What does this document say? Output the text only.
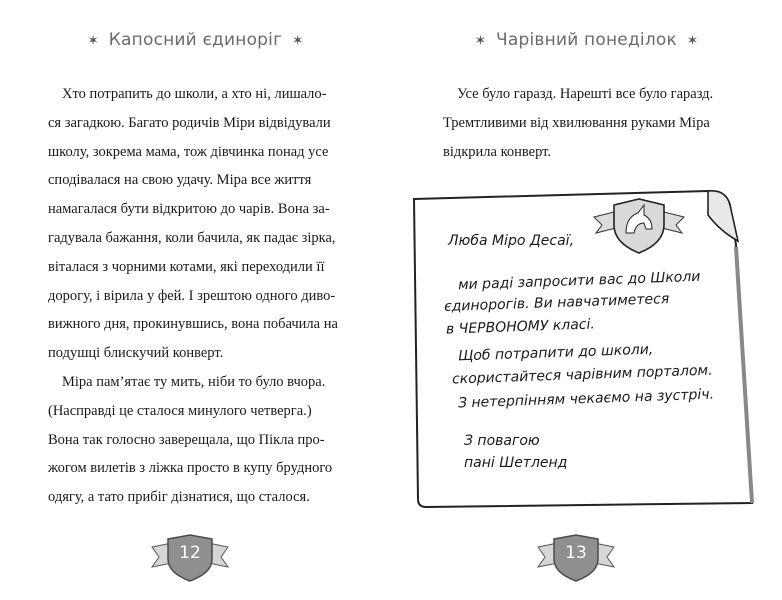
✶ Капосний єдиноріг ✶
Хто потрапить до школи, а хто ні, лишало-
ся загадкою. Багато родичів Міри відвідували
школу, зокрема мама, тож дівчинка понад усе
сподівалася на свою удачу. Міра все життя
намагалася бути відкритою до чарів. Вона за-
гадувала бажання, коли бачила, як падає зірка,
віталася з чорними котами, які переходили її
дорогу, і вірила у фей. І зрештою одного диво-
вижного дня, прокинувшись, вона побачила на
подушці блискучий конверт.
Міра пам’ятає ту мить, ніби то було вчора.
(Насправді це сталося минулого четверга.)
Вона так голосно заверещала, що Пікла про-
жогом вилетів з ліжка просто в купу брудного
одягу, а тато прибіг дізнатися, що сталося.
12
✶ Чарівний понеділок ✶
Усе було гаразд. Нарешті все було гаразд.
Тремтливими від хвилювання руками Міра
відкрила конверт.
13
Люба Міро Десаї,
ми раді запросити вас до Школи
єдинорогів. Ви навчатиметеся
в ЧЕРВОНОМУ класі.
Щоб потрапити до школи,
скористайтеся чарівним порталом.
З нетерпінням чекаємо на зустріч.
З повагою
пані Шетленд
